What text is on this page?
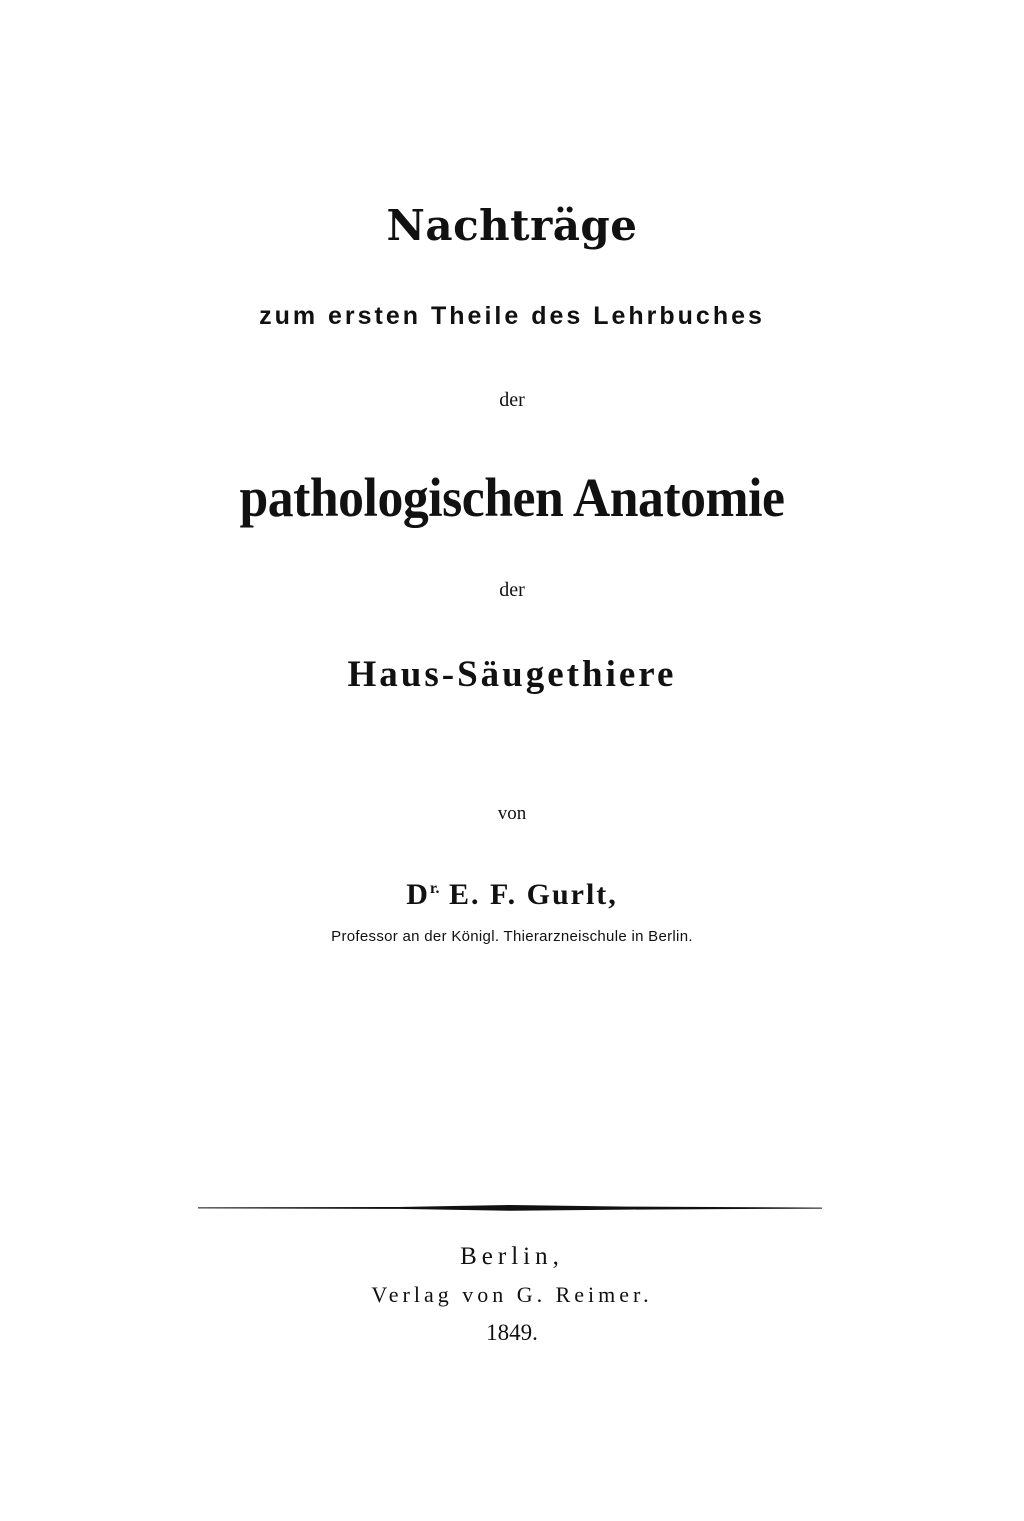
Nachträge
zum ersten Theile des Lehrbuches
der
pathologischen Anatomie
der
Haus-Säugethiere
von
$D^{r.}$ E. F. Gurlt,
Professor an der Königl. Thierarzneischule in Berlin.
Berlin,
Verlag von G. Reimer.
1849.
